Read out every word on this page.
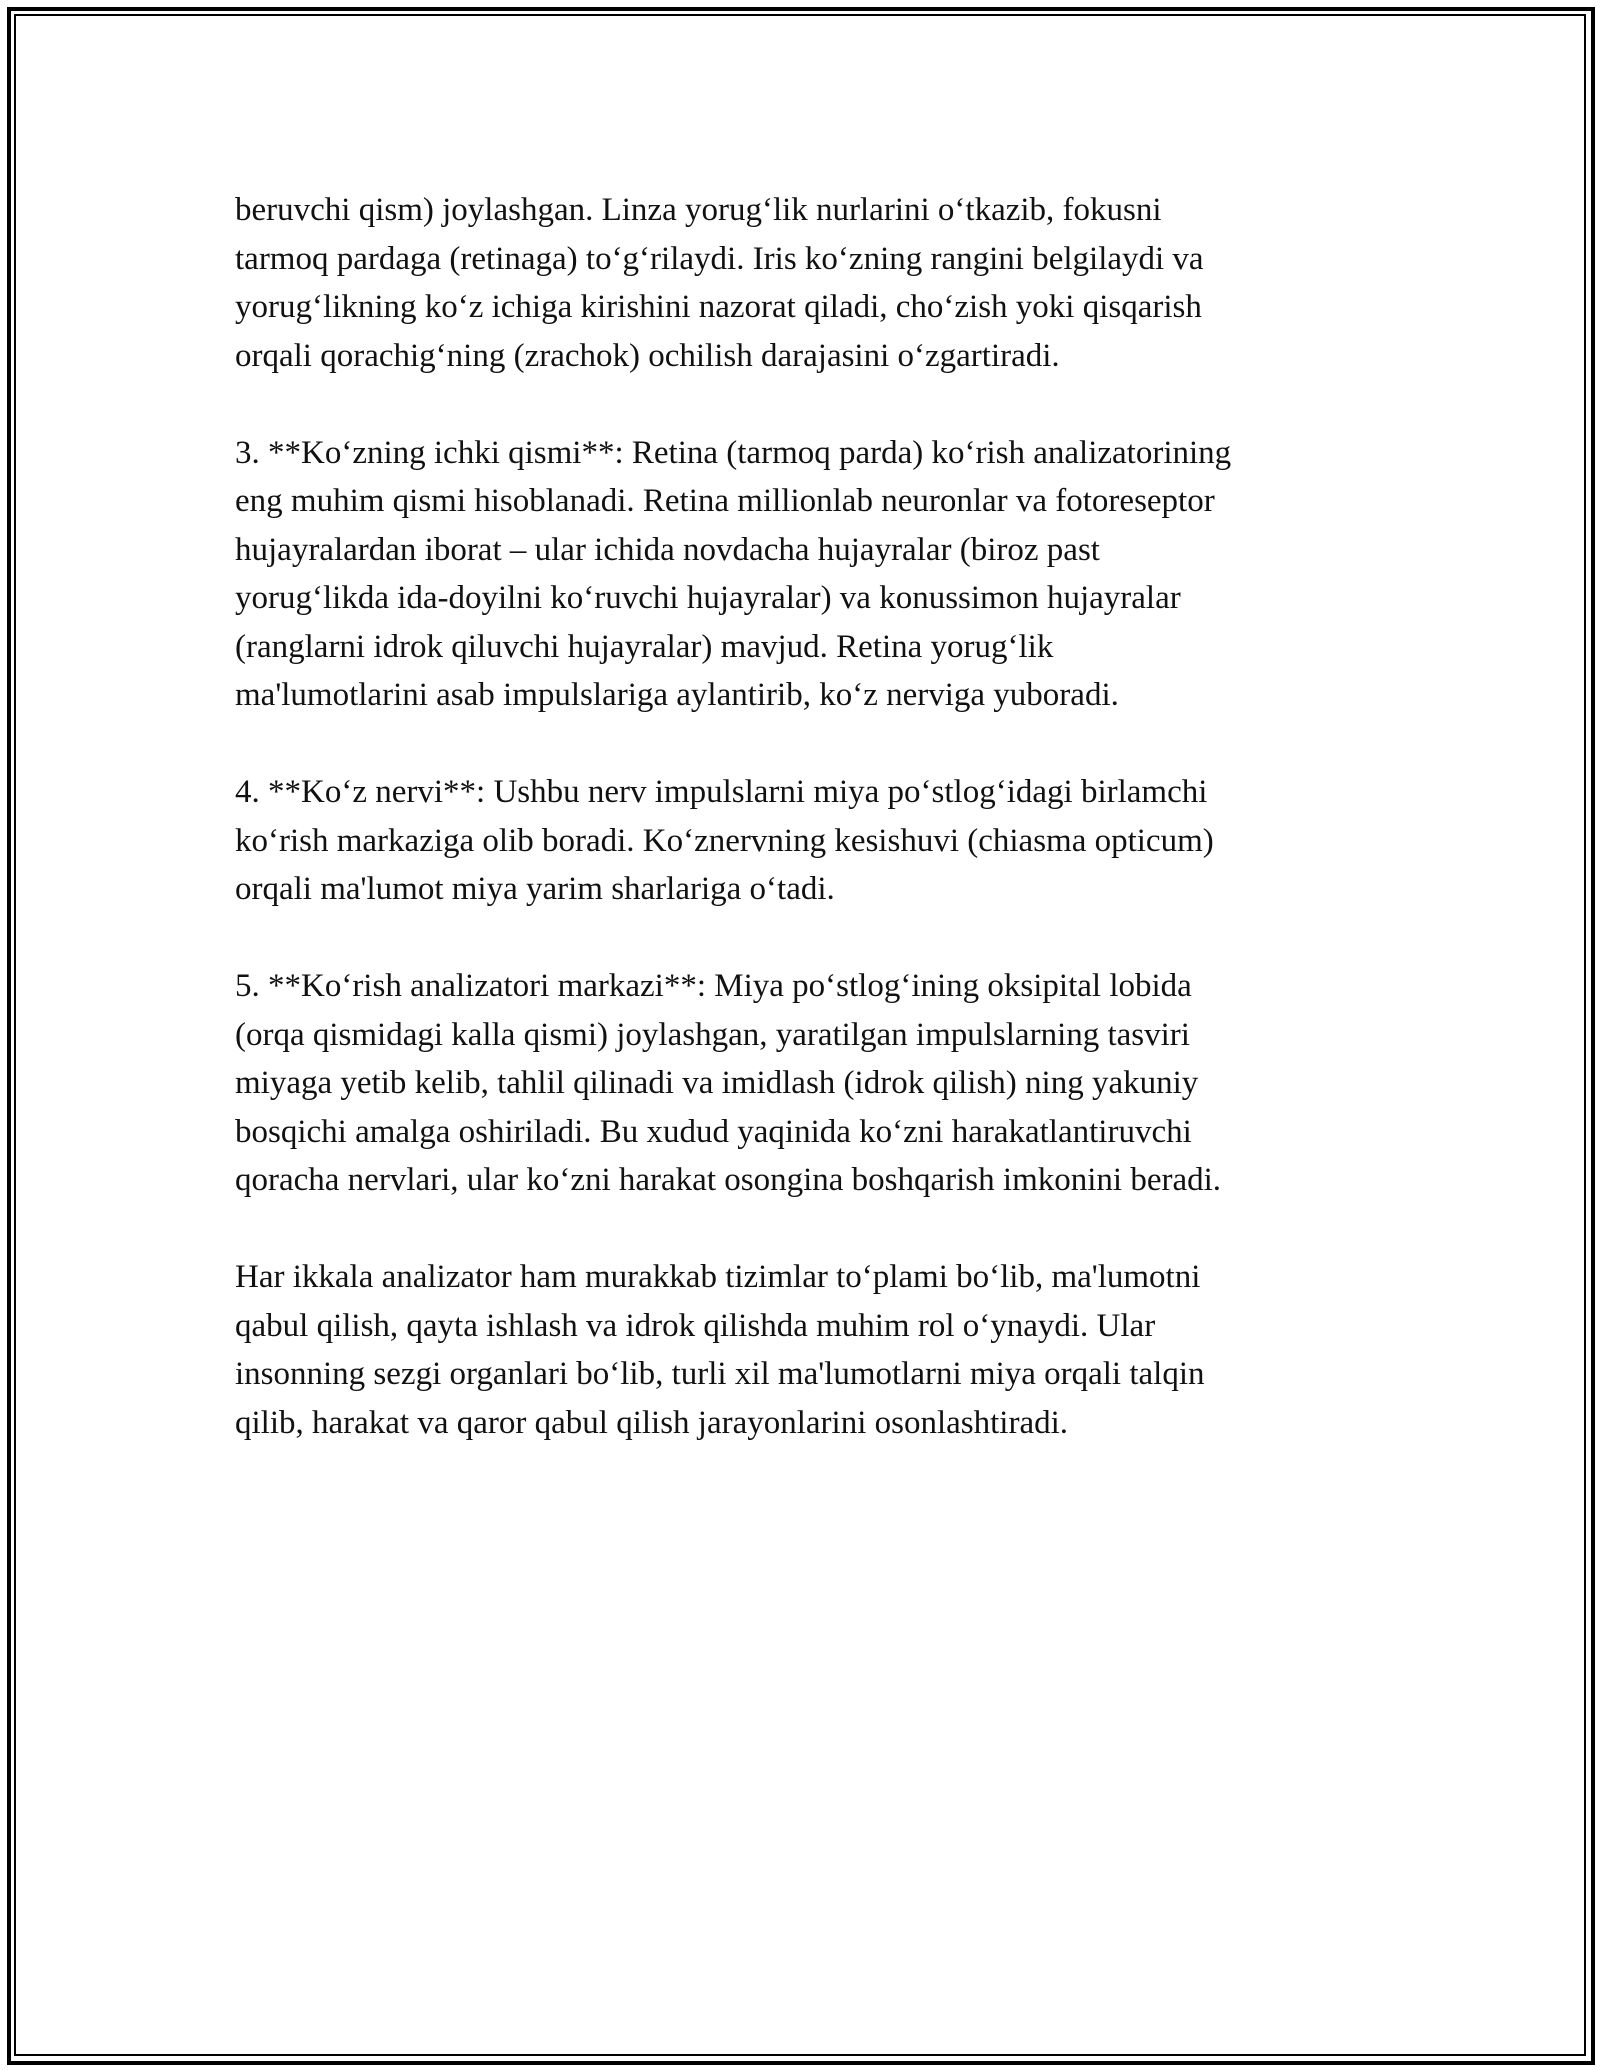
beruvchi qism) joylashgan. Linza yorug‘lik nurlarini o‘tkazib, fokusni
tarmoq pardaga (retinaga) to‘g‘rilaydi. Iris ko‘zning rangini belgilaydi va
yorug‘likning ko‘z ichiga kirishini nazorat qiladi, cho‘zish yoki qisqarish
orqali qorachig‘ning (zrachok) ochilish darajasini o‘zgartiradi.

3. **Ko‘zning ichki qismi**: Retina (tarmoq parda) ko‘rish analizatorining
eng muhim qismi hisoblanadi. Retina millionlab neuronlar va fotoreseptor
hujayralardan iborat – ular ichida novdacha hujayralar (biroz past
yorug‘likda ida-doyilni ko‘ruvchi hujayralar) va konussimon hujayralar
(ranglarni idrok qiluvchi hujayralar) mavjud. Retina yorug‘lik
ma'lumotlarini asab impulslariga aylantirib, ko‘z nerviga yuboradi.

4. **Ko‘z nervi**: Ushbu nerv impulslarni miya po‘stlog‘idagi birlamchi
ko‘rish markaziga olib boradi. Ko‘znervning kesishuvi (chiasma opticum)
orqali ma'lumot miya yarim sharlariga o‘tadi.

5. **Ko‘rish analizatori markazi**: Miya po‘stlog‘ining oksipital lobida
(orqa qismidagi kalla qismi) joylashgan, yaratilgan impulslarning tasviri
miyaga yetib kelib, tahlil qilinadi va imidlash (idrok qilish) ning yakuniy
bosqichi amalga oshiriladi. Bu xudud yaqinida ko‘zni harakatlantiruvchi
qoracha nervlari, ular ko‘zni harakat osongina boshqarish imkonini beradi.

Har ikkala analizator ham murakkab tizimlar to‘plami bo‘lib, ma'lumotni
qabul qilish, qayta ishlash va idrok qilishda muhim rol o‘ynaydi. Ular
insonning sezgi organlari bo‘lib, turli xil ma'lumotlarni miya orqali talqin
qilib, harakat va qaror qabul qilish jarayonlarini osonlashtiradi.
